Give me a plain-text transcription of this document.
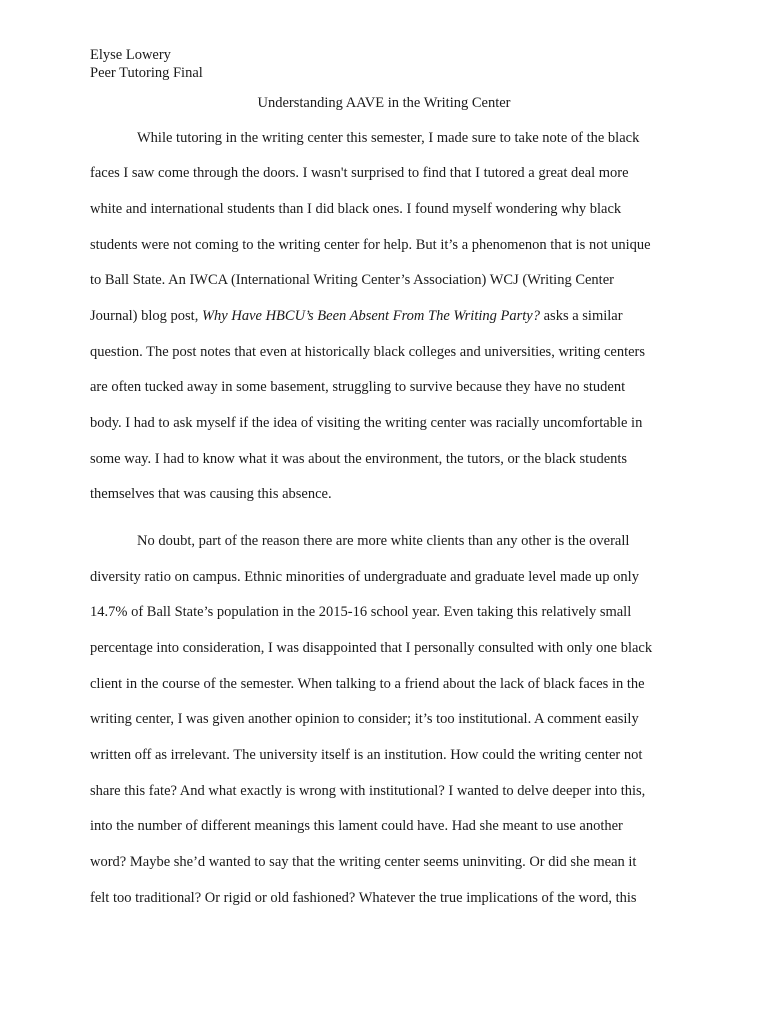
Elyse Lowery
Peer Tutoring Final
Understanding AAVE in the Writing Center
While tutoring in the writing center this semester, I made sure to take note of the black
faces I saw come through the doors. I wasn't surprised to find that I tutored a great deal more
white and international students than I did black ones. I found myself wondering why black
students were not coming to the writing center for help. But it’s a phenomenon that is not unique
to Ball State. An IWCA (International Writing Center’s Association) WCJ (Writing Center
Journal) blog post, Why Have HBCU’s Been Absent From The Writing Party? asks a similar
question. The post notes that even at historically black colleges and universities, writing centers
are often tucked away in some basement, struggling to survive because they have no student
body. I had to ask myself if the idea of visiting the writing center was racially uncomfortable in
some way. I had to know what it was about the environment, the tutors, or the black students
themselves that was causing this absence.
No doubt, part of the reason there are more white clients than any other is the overall
diversity ratio on campus. Ethnic minorities of undergraduate and graduate level made up only
14.7% of Ball State’s population in the 2015-16 school year. Even taking this relatively small
percentage into consideration, I was disappointed that I personally consulted with only one black
client in the course of the semester. When talking to a friend about the lack of black faces in the
writing center, I was given another opinion to consider; it’s too institutional. A comment easily
written off as irrelevant. The university itself is an institution. How could the writing center not
share this fate? And what exactly is wrong with institutional? I wanted to delve deeper into this,
into the number of different meanings this lament could have. Had she meant to use another
word? Maybe she’d wanted to say that the writing center seems uninviting. Or did she mean it
felt too traditional? Or rigid or old fashioned? Whatever the true implications of the word, this
